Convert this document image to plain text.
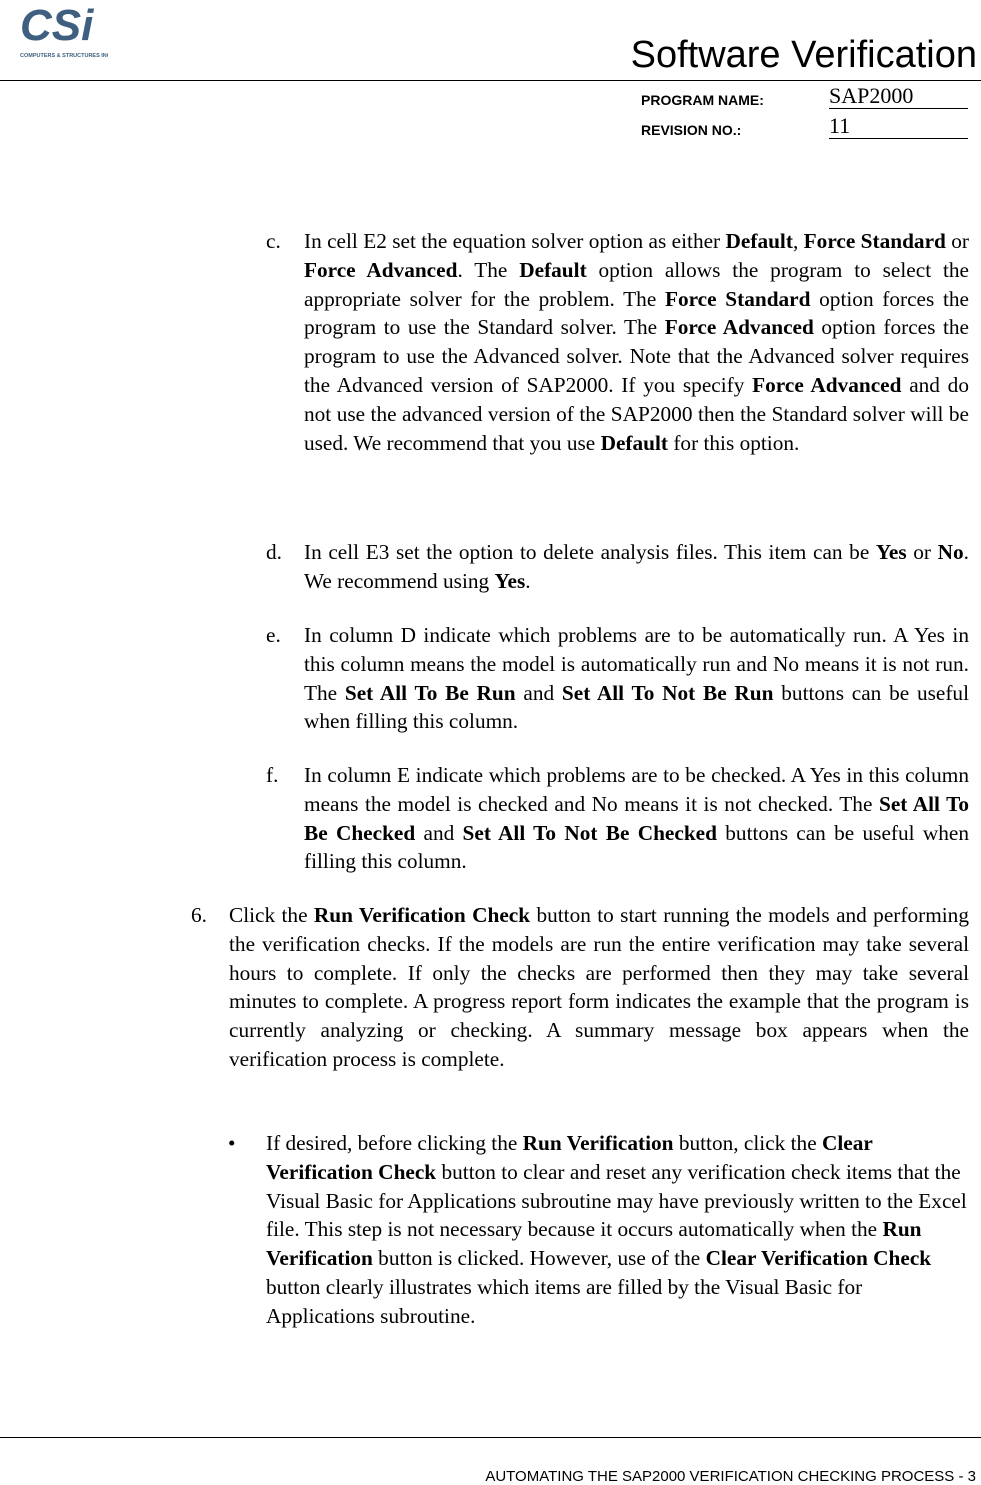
CSi
COMPUTERS & STRUCTURES INC.	Software Verification
PROGRAM NAME:	SAP2000
REVISION NO.:	11
c. In cell E2 set the equation solver option as either Default, Force Standard or Force Advanced. The Default option allows the program to select the appropriate solver for the problem. The Force Standard option forces the program to use the Standard solver. The Force Advanced option forces the program to use the Advanced solver. Note that the Advanced solver requires the Advanced version of SAP2000. If you specify Force Advanced and do not use the advanced version of the SAP2000 then the Standard solver will be used. We recommend that you use Default for this option.
d. In cell E3 set the option to delete analysis files. This item can be Yes or No. We recommend using Yes.
e. In column D indicate which problems are to be automatically run. A Yes in this column means the model is automatically run and No means it is not run. The Set All To Be Run and Set All To Not Be Run buttons can be useful when filling this column.
f. In column E indicate which problems are to be checked. A Yes in this column means the model is checked and No means it is not checked. The Set All To Be Checked and Set All To Not Be Checked buttons can be useful when filling this column.
6. Click the Run Verification Check button to start running the models and performing the verification checks. If the models are run the entire verification may take several hours to complete. If only the checks are performed then they may take several minutes to complete. A progress report form indicates the example that the program is currently analyzing or checking. A summary message box appears when the verification process is complete.
• If desired, before clicking the Run Verification button, click the Clear Verification Check button to clear and reset any verification check items that the Visual Basic for Applications subroutine may have previously written to the Excel file. This step is not necessary because it occurs automatically when the Run Verification button is clicked. However, use of the Clear Verification Check button clearly illustrates which items are filled by the Visual Basic for Applications subroutine.
AUTOMATING THE SAP2000 VERIFICATION CHECKING PROCESS - 3
